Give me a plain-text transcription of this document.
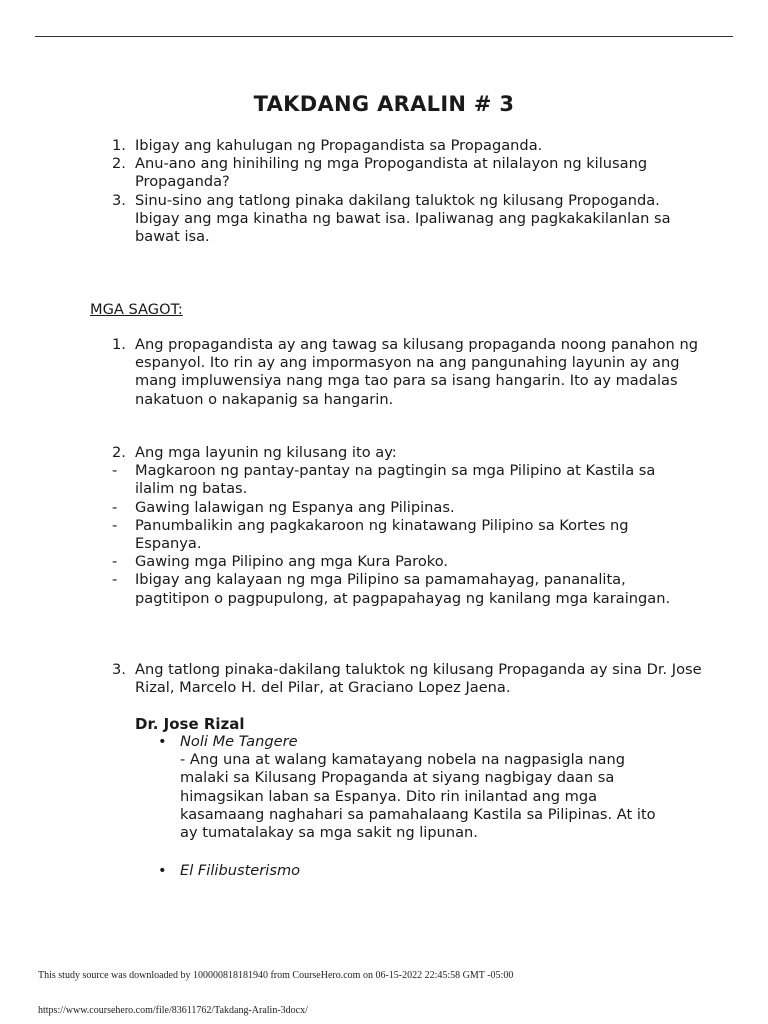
TAKDANG ARALIN # 3
1. Ibigay ang kahulugan ng Propagandista sa Propaganda.
2. Anu-ano ang hinihiling ng mga Propogandista at nilalayon ng kilusang Propaganda?
3. Sinu-sino ang tatlong pinaka dakilang taluktok ng kilusang Propoganda. Ibigay ang mga kinatha ng bawat isa. Ipaliwanag ang pagkakakilanlan sa bawat isa.
MGA SAGOT:
1. Ang propagandista ay ang tawag sa kilusang propaganda noong panahon ng espanyol. Ito rin ay ang impormasyon na ang pangunahing layunin ay ang mang impluwensiya nang mga tao para sa isang hangarin. Ito ay madalas nakatuon o nakapanig sa hangarin.
2. Ang mga layunin ng kilusang ito ay:
- Magkaroon ng pantay-pantay na pagtingin sa mga Pilipino at Kastila sa ilalim ng batas.
- Gawing lalawigan ng Espanya ang Pilipinas.
- Panumbalikin ang pagkakaroon ng kinatawang Pilipino sa Kortes ng Espanya.
- Gawing mga Pilipino ang mga Kura Paroko.
- Ibigay ang kalayaan ng mga Pilipino sa pamamahayag, pananalita, pagtitipon o pagpupulong, at pagpapahayag ng kanilang mga karaingan.
3. Ang tatlong pinaka-dakilang taluktok ng kilusang Propaganda ay sina Dr. Jose Rizal, Marcelo H. del Pilar, at Graciano Lopez Jaena.
Dr. Jose Rizal
• Noli Me Tangere
- Ang una at walang kamatayang nobela na nagpasigla nang malaki sa Kilusang Propaganda at siyang nagbigay daan sa himagsikan laban sa Espanya. Dito rin inilantad ang mga kasamaang naghahari sa pamahalaang Kastila sa Pilipinas. At ito ay tumatalakay sa mga sakit ng lipunan.
• El Filibusterismo
This study source was downloaded by 100000818181940 from CourseHero.com on 06-15-2022 22:45:58 GMT -05:00
https://www.coursehero.com/file/83611762/Takdang-Aralin-3docx/
